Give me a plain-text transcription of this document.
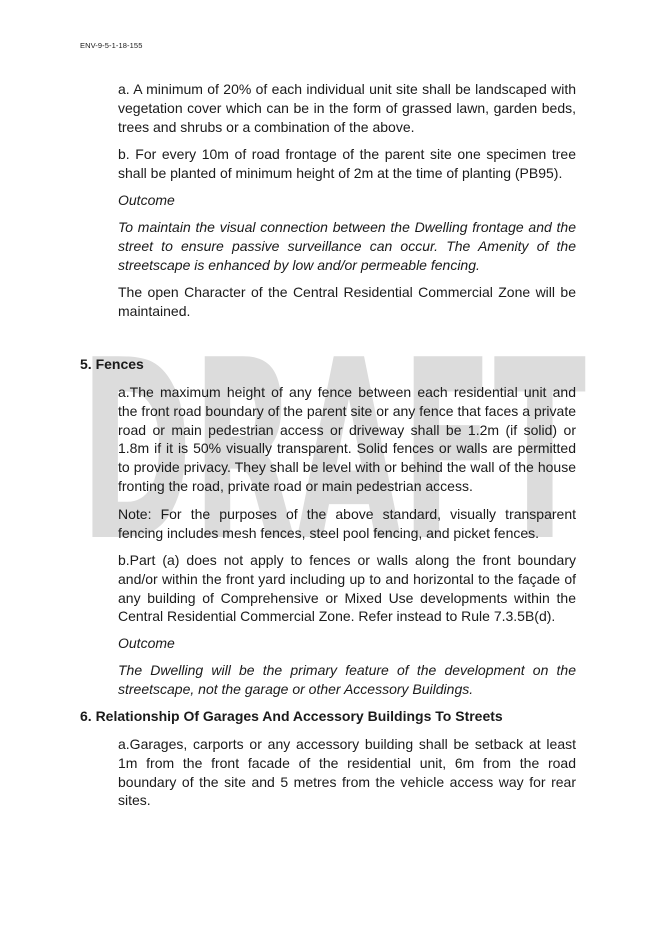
ENV-9-5-1-18-155
DRAFT

a. A minimum of 20% of each individual unit site shall be landscaped with vegetation cover which can be in the form of grassed lawn, garden beds, trees and shrubs or a combination of the above.

b. For every 10m of road frontage of the parent site one specimen tree shall be planted of minimum height of 2m at the time of planting (PB95).

Outcome

To maintain the visual connection between the Dwelling frontage and the street to ensure passive surveillance can occur. The Amenity of the streetscape is enhanced by low and/or permeable fencing.

The open Character of the Central Residential Commercial Zone will be maintained.

5. Fences

a.The maximum height of any fence between each residential unit and the front road boundary of the parent site or any fence that faces a private road or main pedestrian access or driveway shall be 1.2m (if solid) or 1.8m if it is 50% visually transparent. Solid fences or walls are permitted to provide privacy. They shall be level with or behind the wall of the house fronting the road, private road or main pedestrian access.

Note: For the purposes of the above standard, visually transparent fencing includes mesh fences, steel pool fencing, and picket fences.

b.Part (a) does not apply to fences or walls along the front boundary and/or within the front yard including up to and horizontal to the façade of any building of Comprehensive or Mixed Use developments within the Central Residential Commercial Zone. Refer instead to Rule 7.3.5B(d).

Outcome

The Dwelling will be the primary feature of the development on the streetscape, not the garage or other Accessory Buildings.

6. Relationship Of Garages And Accessory Buildings To Streets

a.Garages, carports or any accessory building shall be setback at least 1m from the front facade of the residential unit, 6m from the road boundary of the site and 5 metres from the vehicle access way for rear sites.
